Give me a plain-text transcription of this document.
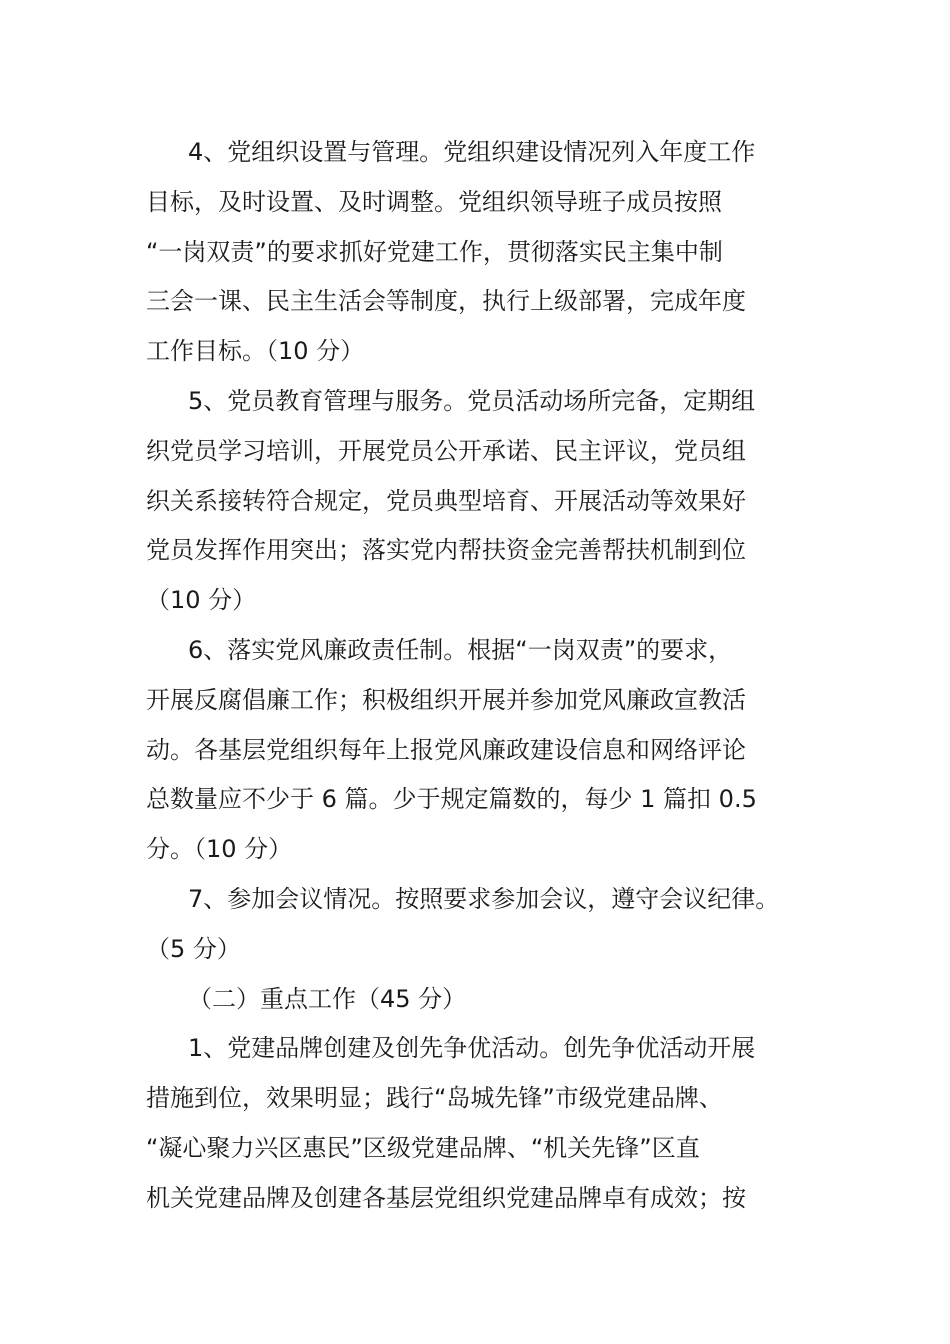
4、党组织设置与管理。党组织建设情况列入年度工作

目标，及时设置、及时调整。党组织领导班子成员按照

“一岗双责”的要求抓好党建工作，贯彻落实民主集中制

三会一课、民主生活会等制度，执行上级部署，完成年度

工作目标。（10 分）

5、党员教育管理与服务。党员活动场所完备，定期组

织党员学习培训，开展党员公开承诺、民主评议，党员组

织关系接转符合规定，党员典型培育、开展活动等效果好

党员发挥作用突出；落实党内帮扶资金完善帮扶机制到位

（10 分）

6、落实党风廉政责任制。根据“一岗双责”的要求，

开展反腐倡廉工作；积极组织开展并参加党风廉政宣教活

动。各基层党组织每年上报党风廉政建设信息和网络评论

总数量应不少于 6 篇。少于规定篇数的，每少 1 篇扣 0.5

分。（10 分）

7、参加会议情况。按照要求参加会议，遵守会议纪律。

（5 分）

（二）重点工作（45 分）

1、党建品牌创建及创先争优活动。创先争优活动开展

措施到位，效果明显；践行“岛城先锋”市级党建品牌、

“凝心聚力兴区惠民”区级党建品牌、“机关先锋”区直

机关党建品牌及创建各基层党组织党建品牌卓有成效；按
